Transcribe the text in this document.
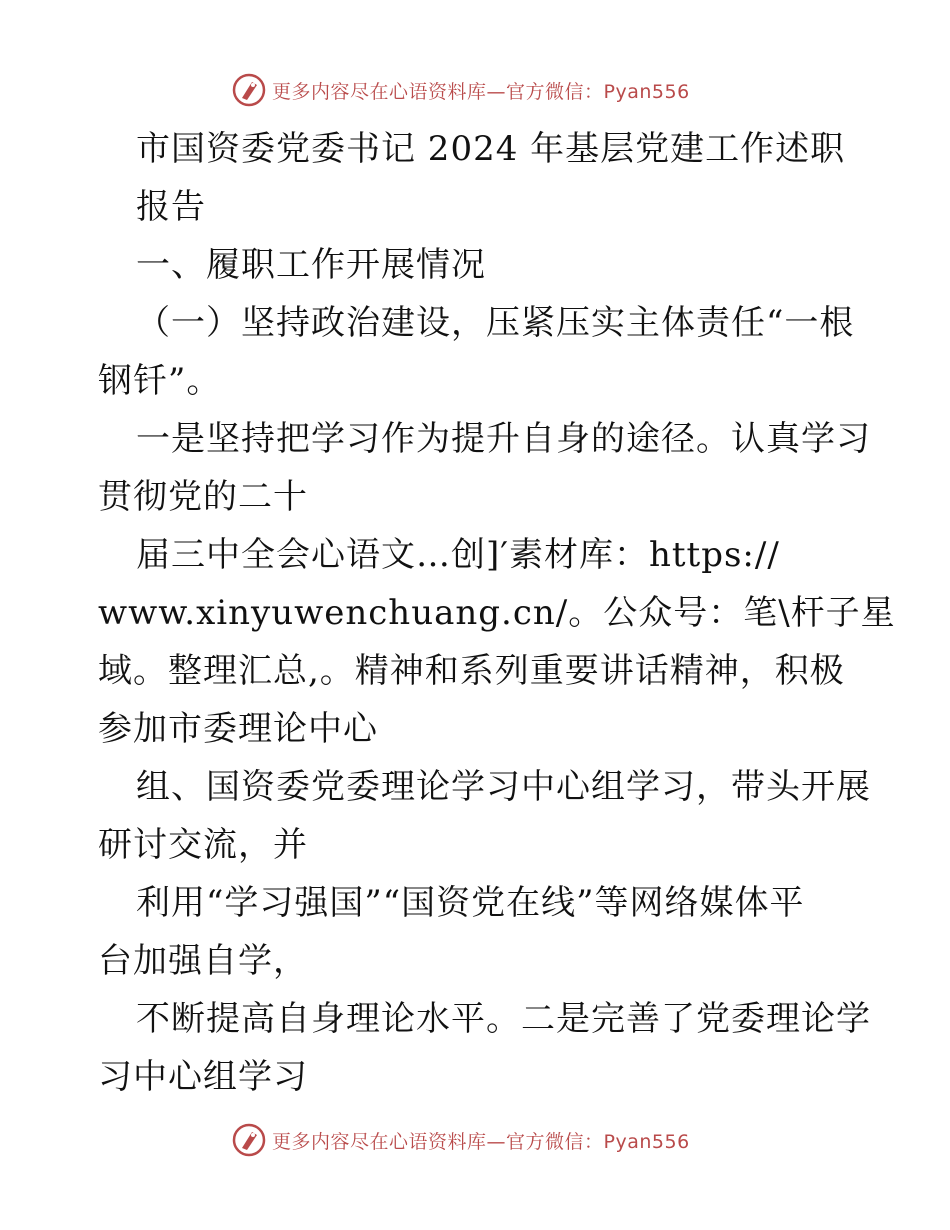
更多内容尽在心语资料库—官方微信：Pyan556
市国资委党委书记 2024 年基层党建工作述职
报告
一、履职工作开展情况
（一）坚持政治建设，压紧压实主体责任“一根
钢钎”。
一是坚持把学习作为提升自身的途径。认真学习
贯彻党的二十
届三中全会心语文…创]′素材库：https://
www.xinyuwenchuang.cn/。公众号：笔\杆子星
域。整理汇总,。精神和系列重要讲话精神，积极
参加市委理论中心
组、国资委党委理论学习中心组学习，带头开展
研讨交流，并
利用“学习强国”“国资党在线”等网络媒体平
台加强自学，
不断提高自身理论水平。二是完善了党委理论学
习中心组学习
更多内容尽在心语资料库—官方微信：Pyan556
